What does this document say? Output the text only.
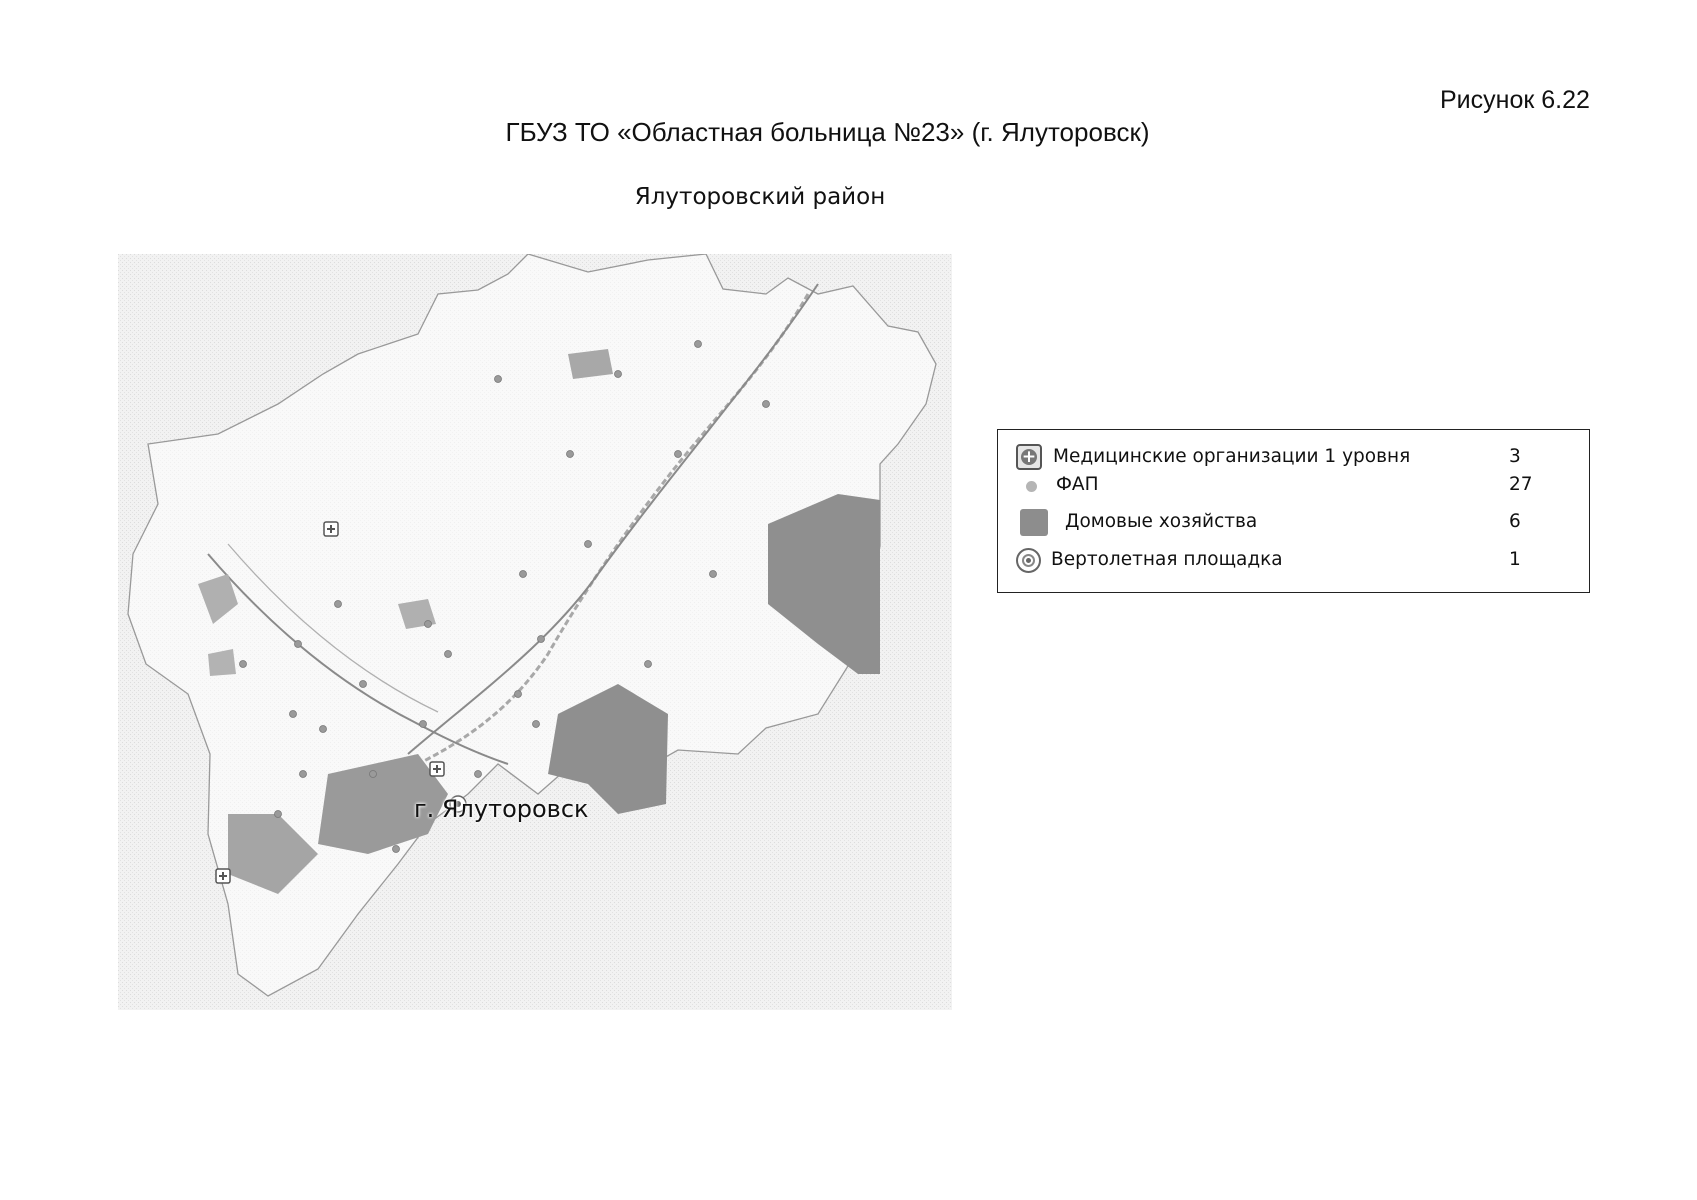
Рисунок 6.22
ГБУЗ ТО «Областная больница №23» (г. Ялуторовск)
Ялуторовский район
г. Ялуторовск
+
Медицинские организации 1 уровня	3
ФАП	27
Домовые хозяйства	6
Вертолетная площадка	1
